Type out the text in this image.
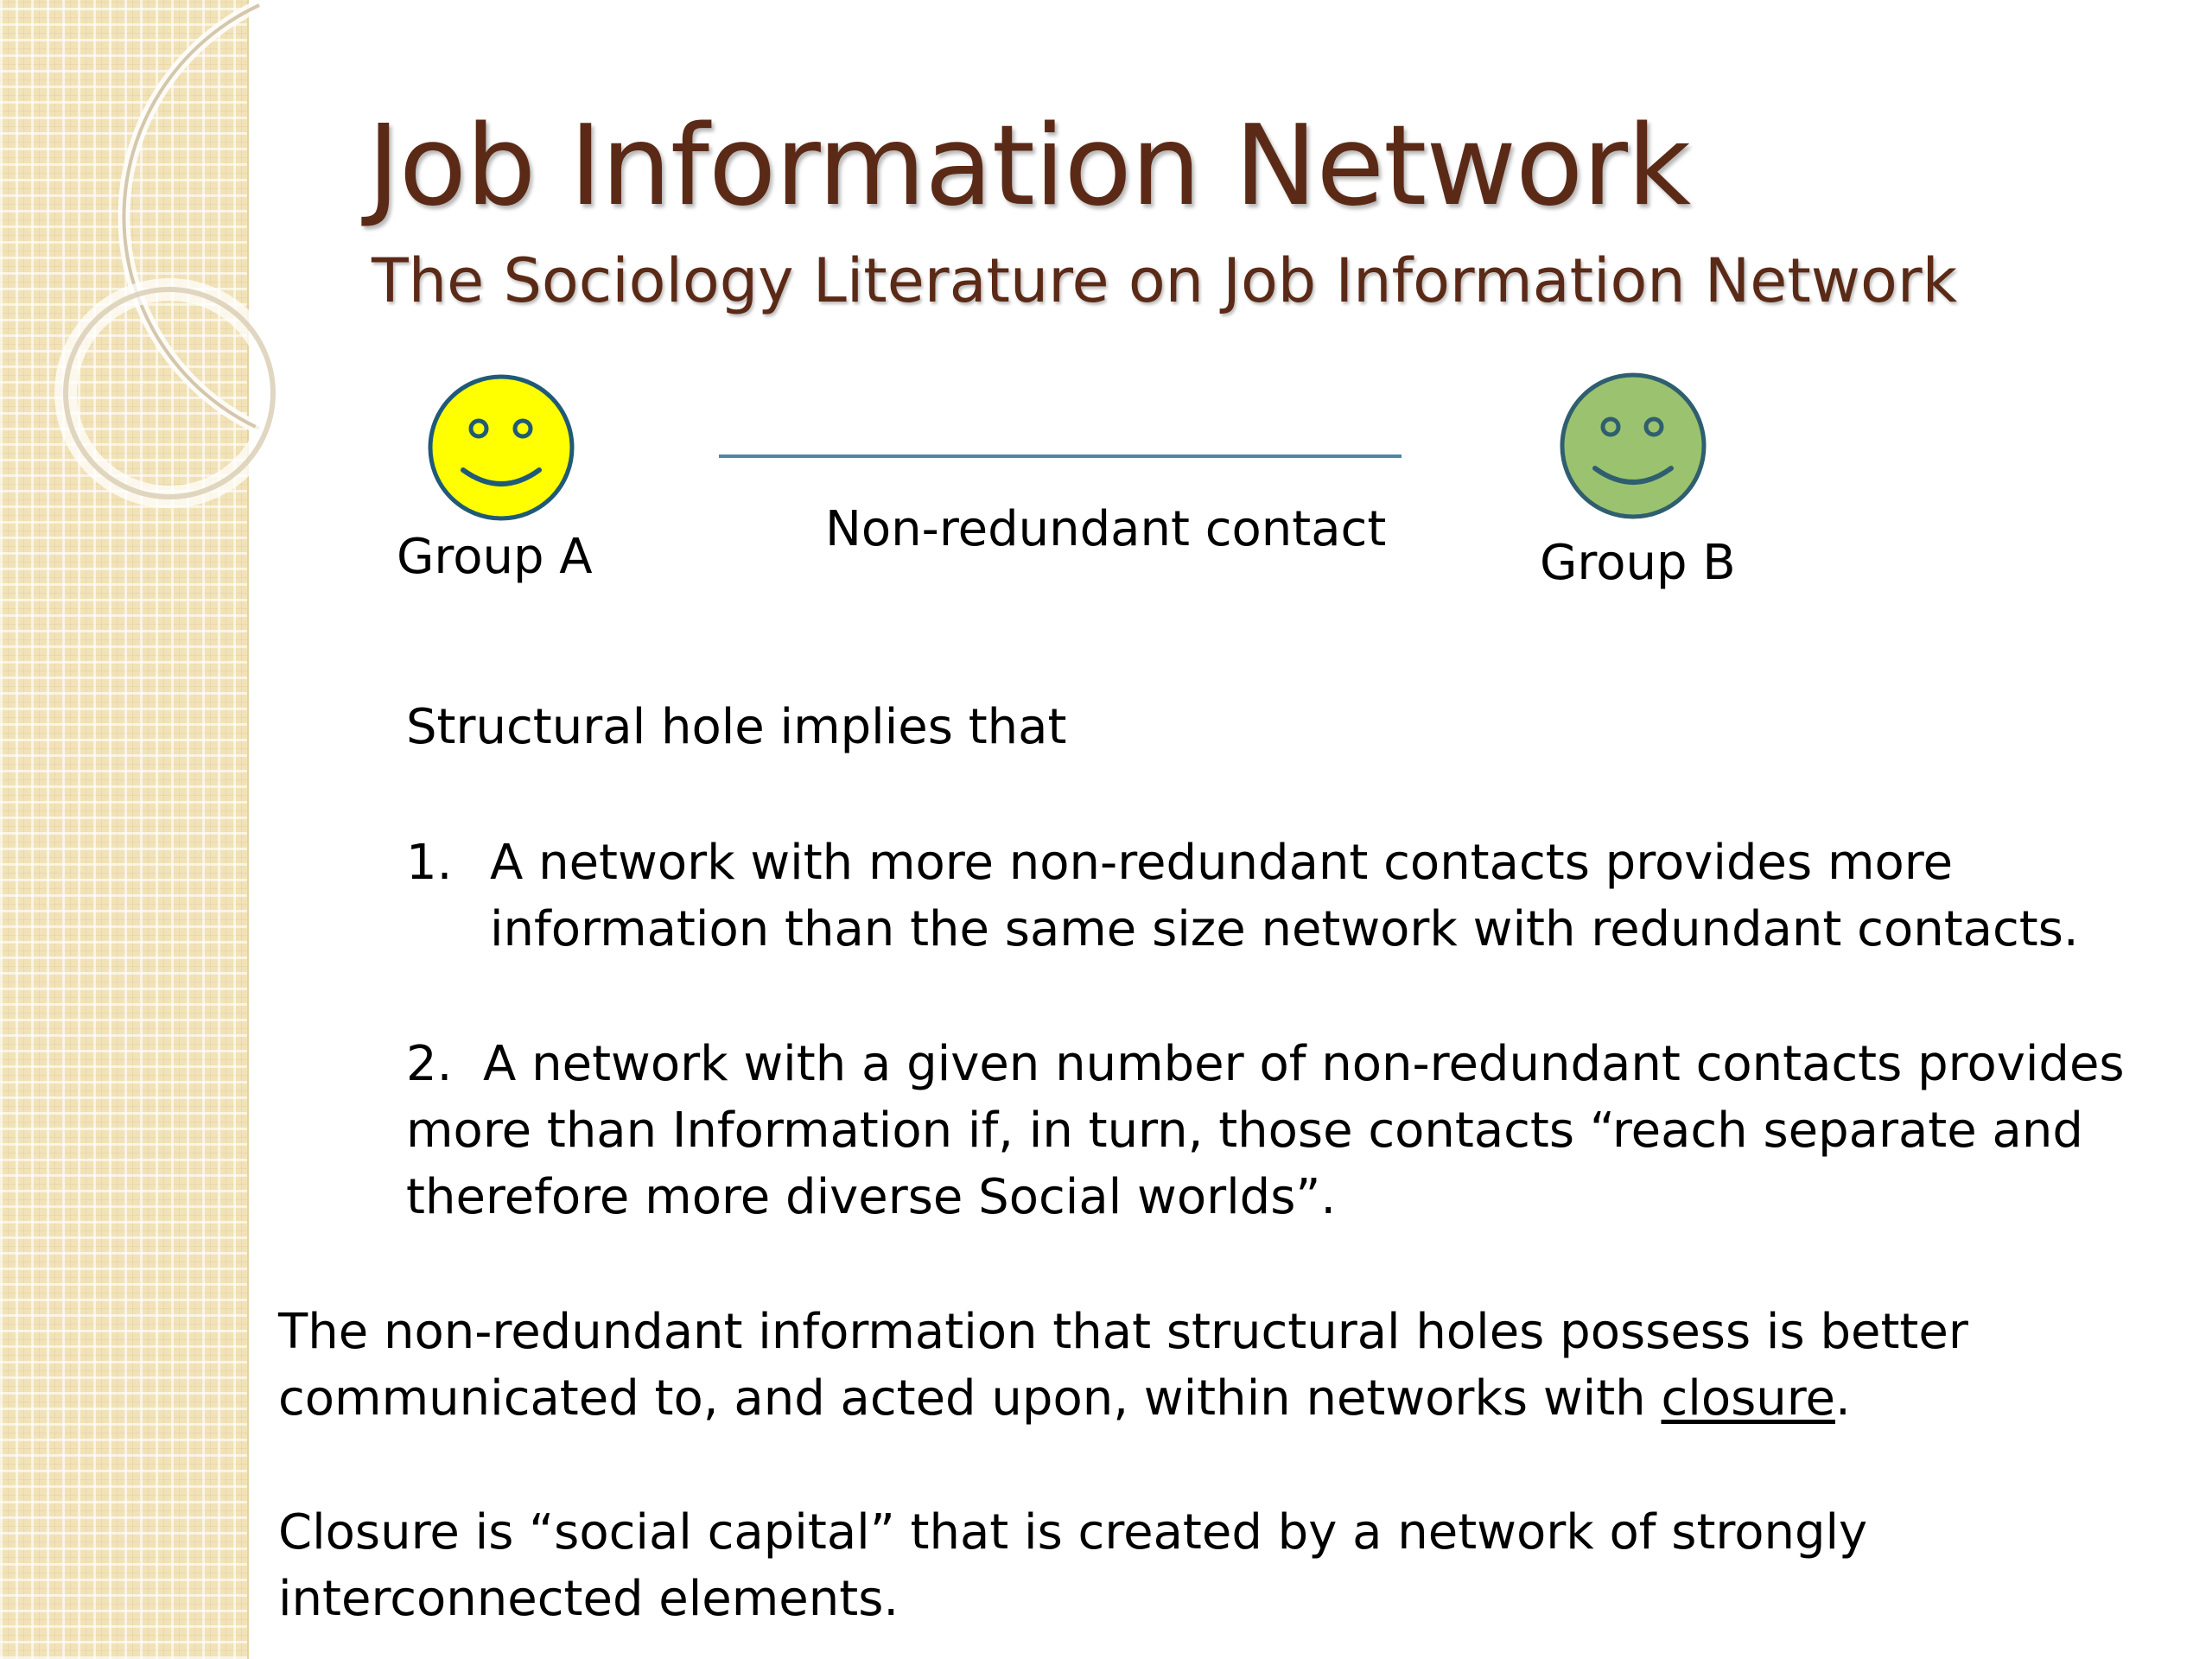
Job Information Network
The Sociology Literature on Job Information Network
Group A	Non-redundant contact
Group B
Structural hole implies that
1. A network with more non-redundant contacts provides more information than the same size network with redundant contacts.
2. A network with a given number of non-redundant contacts provides more than Information if, in turn, those contacts “reach separate and therefore more diverse Social worlds”.
The non-redundant information that structural holes possess is better communicated to, and acted upon, within networks with closure.
Closure is “social capital” that is created by a network of strongly interconnected elements.
